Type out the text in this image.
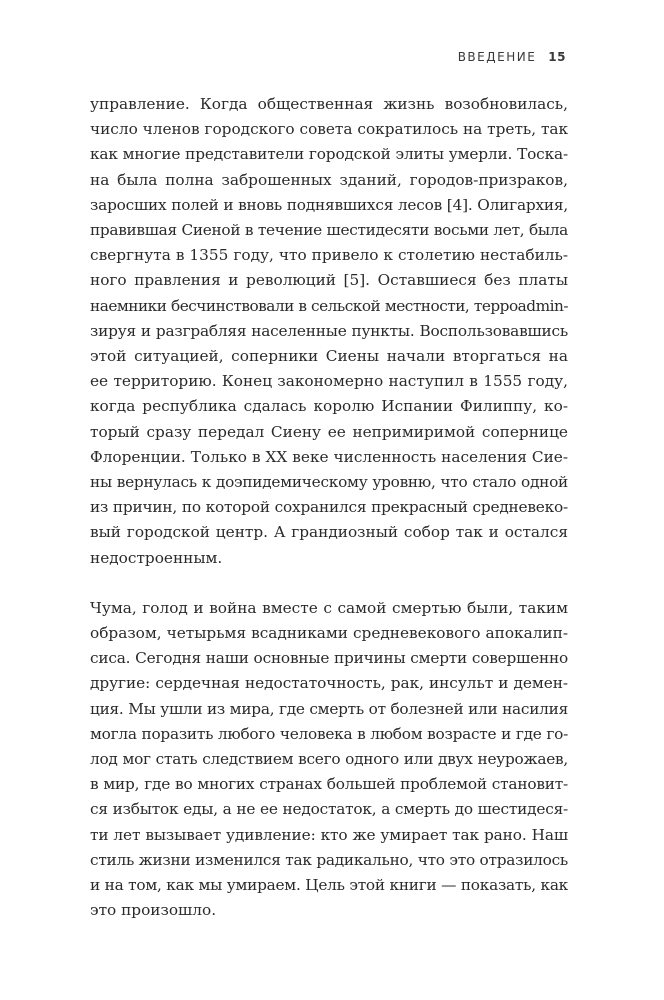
ВВЕДЕНИЕ 15
управление. Когда общественная жизнь возобновилась,
число членов городского совета сократилось на треть, так
как многие представители городской элиты умерли. Тоска-
на была полна заброшенных зданий, городов-призраков,
заросших полей и вновь поднявшихся лесов [4]. Олигархия,
правившая Сиеной в течение шестидесяти восьми лет, была
свергнута в 1355 году, что привело к столетию нестабиль-
ного правления и революций [5]. Оставшиеся без платы
наемники бесчинствовали в сельской местности, терроadmin-
зируя и разграбляя населенные пункты. Воспользовавшись
этой ситуацией, соперники Сиены начали вторгаться на
ее территорию. Конец закономерно наступил в 1555 году,
когда республика сдалась королю Испании Филиппу, ко-
торый сразу передал Сиену ее непримиримой сопернице
Флоренции. Только в XX веке численность населения Сие-
ны вернулась к доэпидемическому уровню, что стало одной
из причин, по которой сохранился прекрасный средневеко-
вый городской центр. А грандиозный собор так и остался
недостроенным.
Чума, голод и война вместе с самой смертью были, таким
образом, четырьмя всадниками средневекового апокалип-
сиса. Сегодня наши основные причины смерти совершенно
другие: сердечная недостаточность, рак, инсульт и демен-
ция. Мы ушли из мира, где смерть от болезней или насилия
могла поразить любого человека в любом возрасте и где го-
лод мог стать следствием всего одного или двух неурожаев,
в мир, где во многих странах большей проблемой становит-
ся избыток еды, а не ее недостаток, а смерть до шестидеся-
ти лет вызывает удивление: кто же умирает так рано. Наш
стиль жизни изменился так радикально, что это отразилось
и на том, как мы умираем. Цель этой книги — показать, как
это произошло.
